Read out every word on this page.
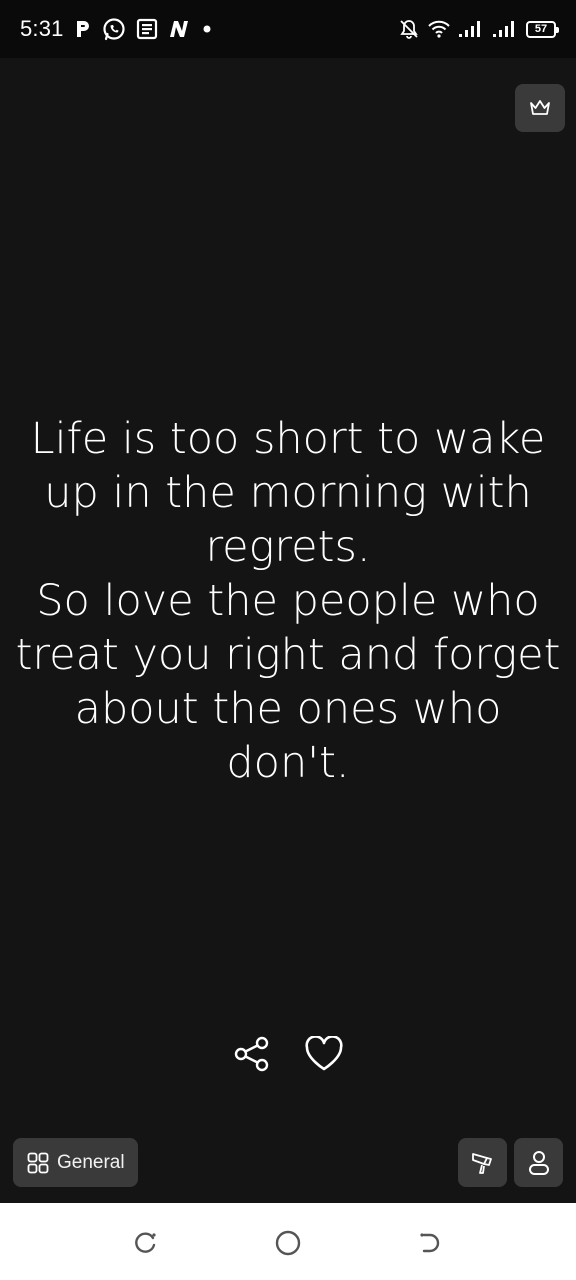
5:31	57
Life is too short to wake up in the morning with regrets.
So love the people who treat you right and forget about the ones who don't.
General
